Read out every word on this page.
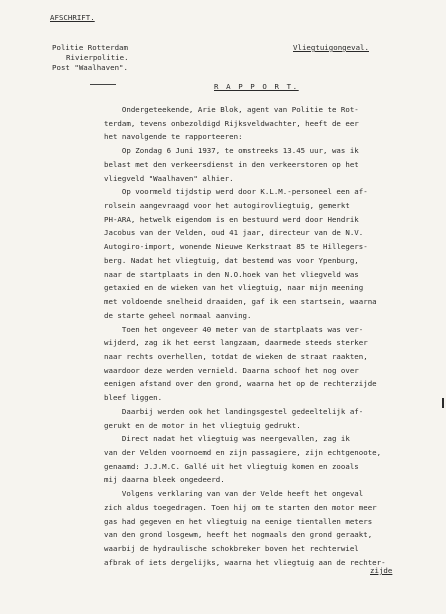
AFSCHRIFT.
Politie Rotterdam
Rivierpolitie.
Post "Waalhaven".
Vliegtuigongeval.
R A P P O R T.
Ondergeteekende, Arie Blok, agent van Politie te Rot-
terdam, tevens onbezoldigd Rijksveldwachter, heeft de eer
het navolgende te rapporteeren:
Op Zondag 6 Juni 1937, te omstreeks 13.45 uur, was ik
belast met den verkeersdienst in den verkeerstoren op het
vliegveld "Waalhaven" alhier.
Op voormeld tijdstip werd door K.L.M.-personeel een af-
rolsein aangevraagd voor het autogirovliegtuig, gemerkt
PH-ARA, hetwelk eigendom is en bestuurd werd door Hendrik
Jacobus van der Velden, oud 41 jaar, directeur van de N.V.
Autogiro-import, wonende Nieuwe Kerkstraat 85 te Hillegers-
berg. Nadat het vliegtuig, dat bestemd was voor Ypenburg,
naar de startplaats in den N.O.hoek van het vliegveld was
getaxied en de wieken van het vliegtuig, naar mijn meening
met voldoende snelheid draaiden, gaf ik een startsein, waarna
de starte geheel normaal aanving.
Toen het ongeveer 40 meter van de startplaats was ver-
wijderd, zag ik het eerst langzaam, daarmede steeds sterker
naar rechts overhellen, totdat de wieken de straat raakten,
waardoor deze werden vernield. Daarna schoof het nog over
eenigen afstand over den grond, waarna het op de rechterzijde
bleef liggen.
Daarbij werden ook het landingsgestel gedeeltelijk af-
gerukt en de motor in het vliegtuig gedrukt.
Direct nadat het vliegtuig was neergevallen, zag ik
van der Velden voornoemd en zijn passagiere, zijn echtgenoote,
genaamd: J.J.M.C. Gallé uit het vliegtuig komen en zooals
mij daarna bleek ongedeerd.
Volgens verklaring van van der Velde heeft het ongeval
zich aldus toegedragen. Toen hij om te starten den motor meer
gas had gegeven en het vliegtuig na eenige tientallen meters
van den grond losgewm, heeft het nogmaals den grond geraakt,
waarbij de hydraulische schokbreker boven het rechterwiel
afbrak of iets dergelijks, waarna het vliegtuig aan de rechter-
zijde
